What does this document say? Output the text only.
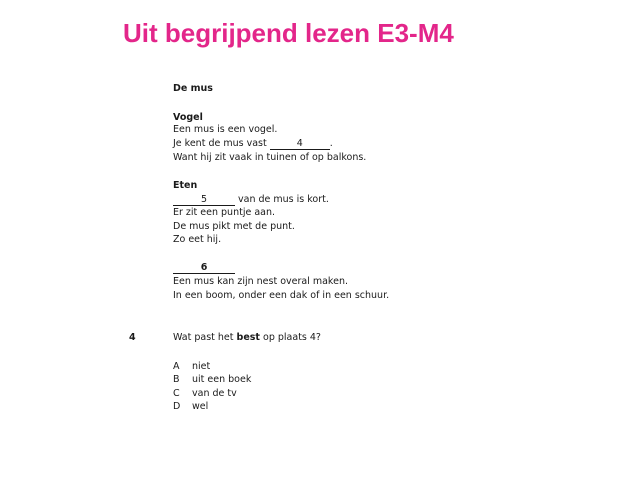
Uit begrijpend lezen E3-M4
De mus
Vogel
Een mus is een vogel.
Je kent de mus vast	4	.
Want hij zit vaak in tuinen of op balkons.
Eten
5	van de mus is kort.
Er zit een puntje aan.
De mus pikt met de punt.
Zo eet hij.
6
Een mus kan zijn nest overal maken.
In een boom, onder een dak of in een schuur.
4	Wat past het best op plaats 4?
A niet
B uit een boek
C van de tv
D wel
